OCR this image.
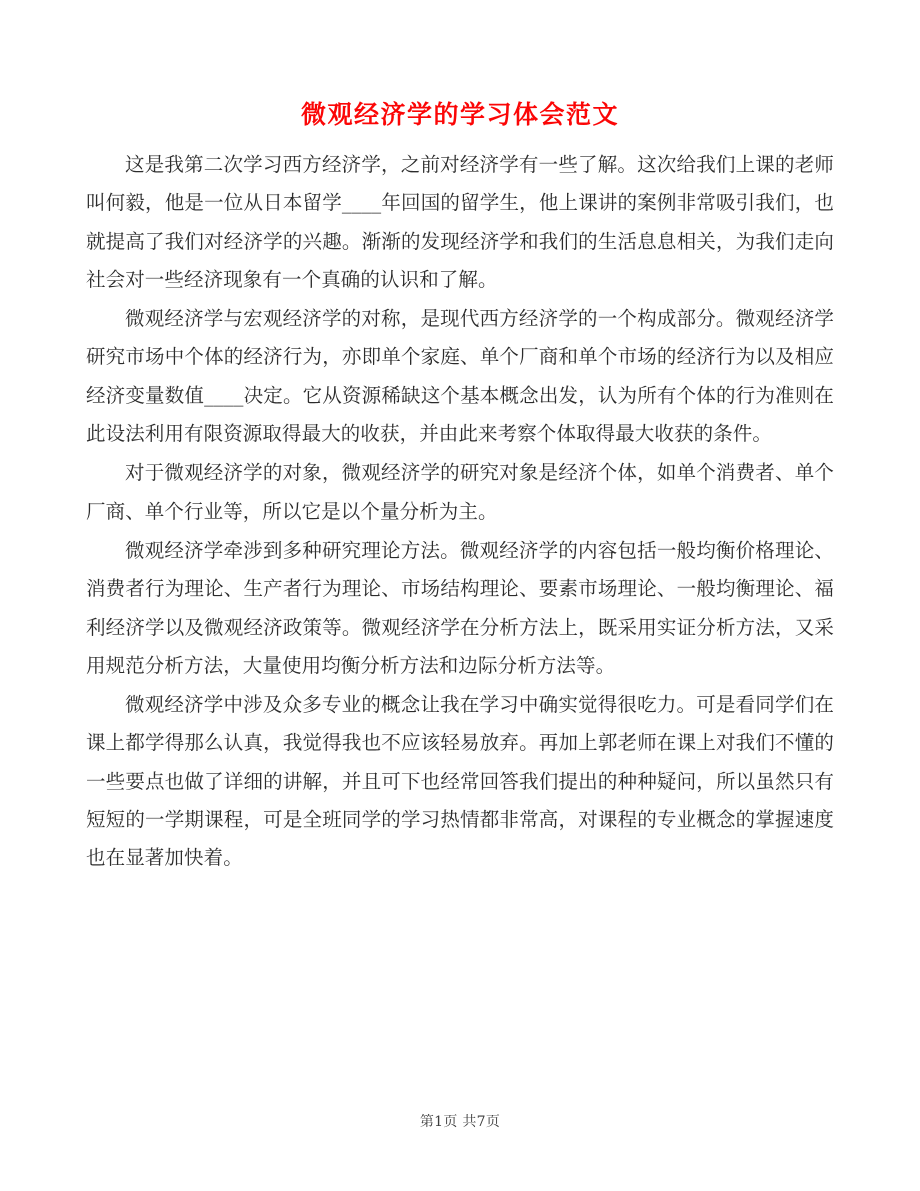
微观经济学的学习体会范文

这是我第二次学习西方经济学，之前对经济学有一些了解。这次给我们上课的老师叫何毅，他是一位从日本留学____年回国的留学生，他上课讲的案例非常吸引我们，也就提高了我们对经济学的兴趣。渐渐的发现经济学和我们的生活息息相关，为我们走向社会对一些经济现象有一个真确的认识和了解。

微观经济学与宏观经济学的对称，是现代西方经济学的一个构成部分。微观经济学研究市场中个体的经济行为，亦即单个家庭、单个厂商和单个市场的经济行为以及相应经济变量数值____决定。它从资源稀缺这个基本概念出发，认为所有个体的行为准则在此设法利用有限资源取得最大的收获，并由此来考察个体取得最大收获的条件。

对于微观经济学的对象，微观经济学的研究对象是经济个体，如单个消费者、单个厂商、单个行业等，所以它是以个量分析为主。

微观经济学牵涉到多种研究理论方法。微观经济学的内容包括一般均衡价格理论、消费者行为理论、生产者行为理论、市场结构理论、要素市场理论、一般均衡理论、福利经济学以及微观经济政策等。微观经济学在分析方法上，既采用实证分析方法，又采用规范分析方法，大量使用均衡分析方法和边际分析方法等。

微观经济学中涉及众多专业的概念让我在学习中确实觉得很吃力。可是看同学们在课上都学得那么认真，我觉得我也不应该轻易放弃。再加上郭老师在课上对我们不懂的一些要点也做了详细的讲解，并且可下也经常回答我们提出的种种疑问，所以虽然只有短短的一学期课程，可是全班同学的学习热情都非常高，对课程的专业概念的掌握速度也在显著加快着。

第1页 共7页
